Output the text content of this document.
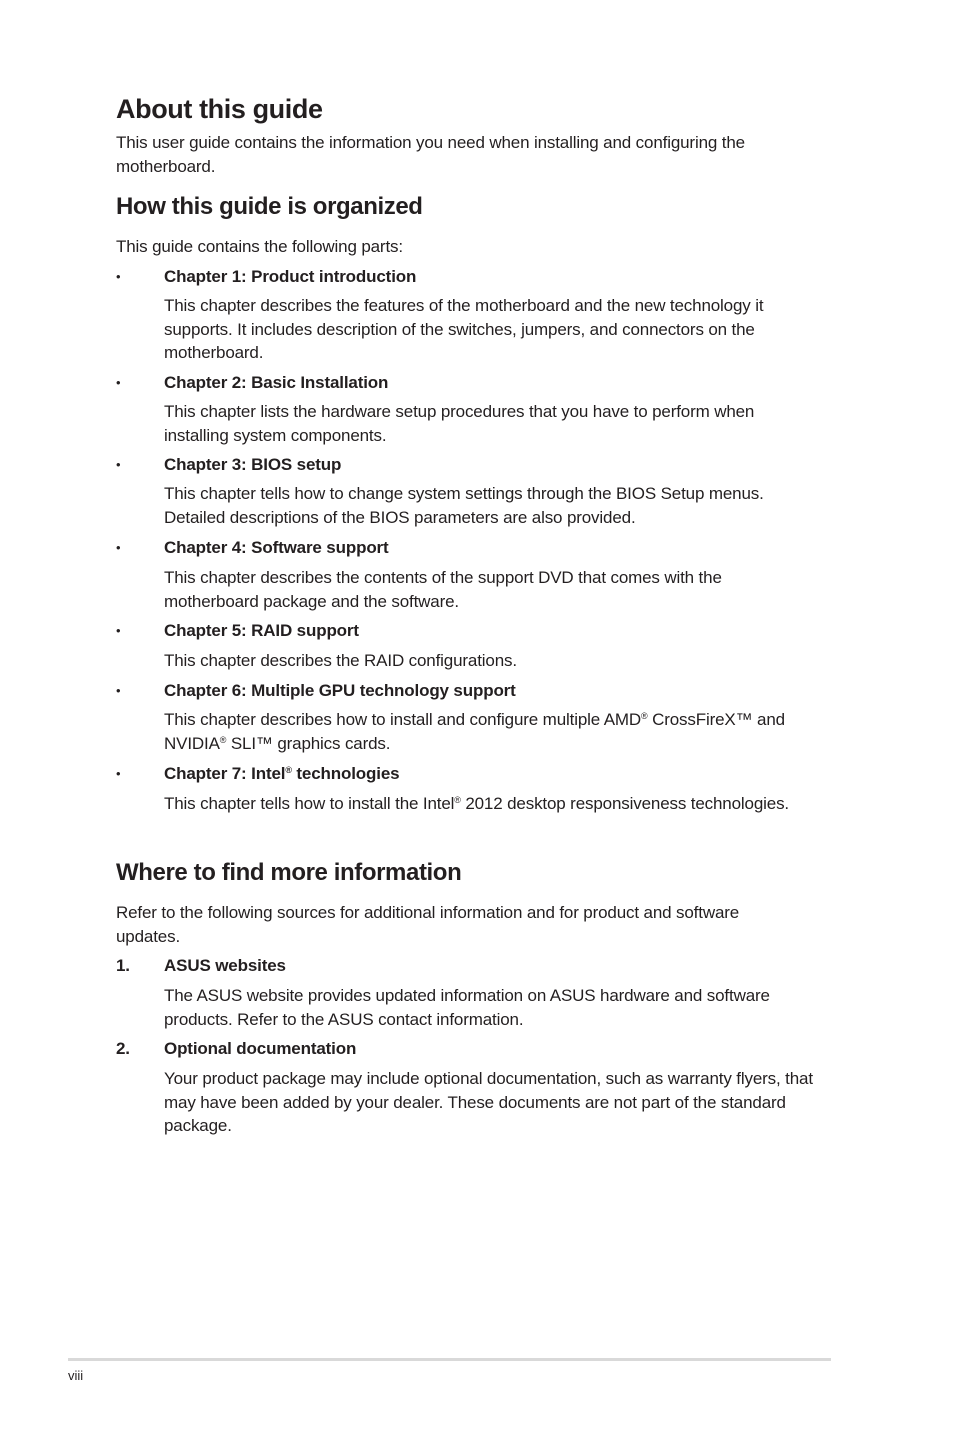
About this guide

This user guide contains the information you need when installing and configuring the motherboard.

How this guide is organized

This guide contains the following parts:

•	Chapter 1: Product introduction
This chapter describes the features of the motherboard and the new technology it supports. It includes description of the switches, jumpers, and connectors on the motherboard.
•	Chapter 2: Basic Installation
This chapter lists the hardware setup procedures that you have to perform when installing system components.
•	Chapter 3: BIOS setup
This chapter tells how to change system settings through the BIOS Setup menus. Detailed descriptions of the BIOS parameters are also provided.
•	Chapter 4: Software support
This chapter describes the contents of the support DVD that comes with the motherboard package and the software.
•	Chapter 5: RAID support
This chapter describes the RAID configurations.
•	Chapter 6: Multiple GPU technology support
This chapter describes how to install and configure multiple AMD® CrossFireX™ and NVIDIA® SLI™ graphics cards.
•	Chapter 7: Intel® technologies
This chapter tells how to install the Intel® 2012 desktop responsiveness technologies.
Where to find more information

Refer to the following sources for additional information and for product and software updates.

1. ASUS websites
The ASUS website provides updated information on ASUS hardware and software products. Refer to the ASUS contact information.
2. Optional documentation
Your product package may include optional documentation, such as warranty flyers, that may have been added by your dealer. These documents are not part of the standard package.
viii
